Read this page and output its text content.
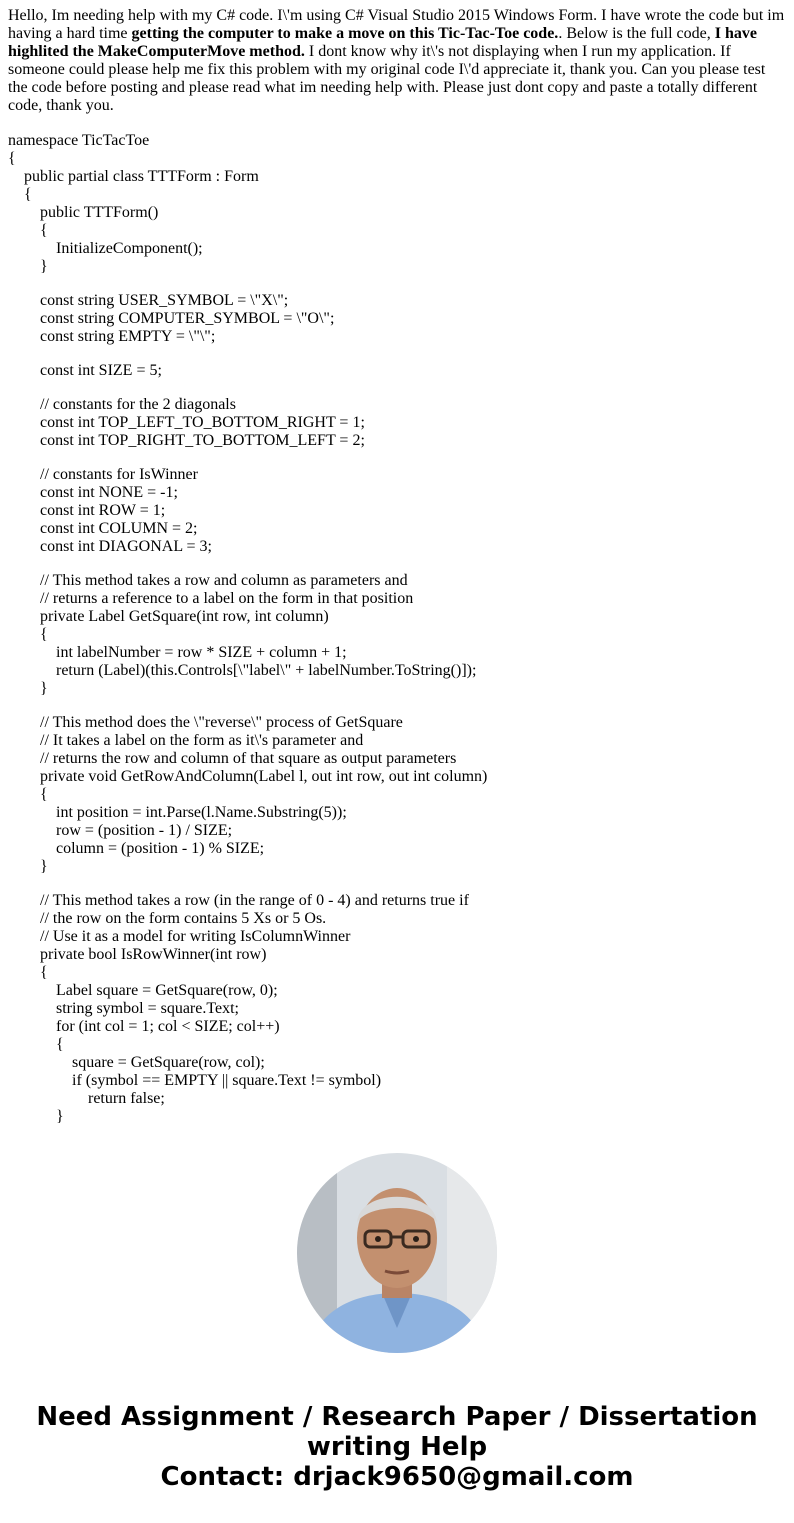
Hello, Im needing help with my C# code. I\'m using C# Visual Studio 2015 Windows Form. I have wrote the code but im having a hard time getting the computer to make a move on this Tic-Tac-Toe code.. Below is the full code, I have highlited the MakeComputerMove method. I dont know why it\'s not displaying when I run my application. If someone could please help me fix this problem with my original code I\'d appreciate it, thank you. Can you please test the code before posting and please read what im needing help with. Please just dont copy and paste a totally different code, thank you.
namespace TicTacToe
{
public partial class TTTForm : Form
{
public TTTForm()
{
InitializeComponent();
}
const string USER_SYMBOL = \"X\";
const string COMPUTER_SYMBOL = \"O\";
const string EMPTY = \"\";
const int SIZE = 5;
// constants for the 2 diagonals
const int TOP_LEFT_TO_BOTTOM_RIGHT = 1;
const int TOP_RIGHT_TO_BOTTOM_LEFT = 2;
// constants for IsWinner
const int NONE = -1;
const int ROW = 1;
const int COLUMN = 2;
const int DIAGONAL = 3;
// This method takes a row and column as parameters and
// returns a reference to a label on the form in that position
private Label GetSquare(int row, int column)
{
int labelNumber = row * SIZE + column + 1;
return (Label)(this.Controls[\"label\" + labelNumber.ToString()]);
}
// This method does the \"reverse\" process of GetSquare
// It takes a label on the form as it\'s parameter and
// returns the row and column of that square as output parameters
private void GetRowAndColumn(Label l, out int row, out int column)
{
int position = int.Parse(l.Name.Substring(5));
row = (position - 1) / SIZE;
column = (position - 1) % SIZE;
}
// This method takes a row (in the range of 0 - 4) and returns true if
// the row on the form contains 5 Xs or 5 Os.
// Use it as a model for writing IsColumnWinner
private bool IsRowWinner(int row)
{
Label square = GetSquare(row, 0);
string symbol = square.Text;
for (int col = 1; col < SIZE; col++)
{
square = GetSquare(row, col);
if (symbol == EMPTY || square.Text != symbol)
return false;
}
Need Assignment / Research Paper / Dissertation
writing Help
Contact: drjack9650@gmail.com
